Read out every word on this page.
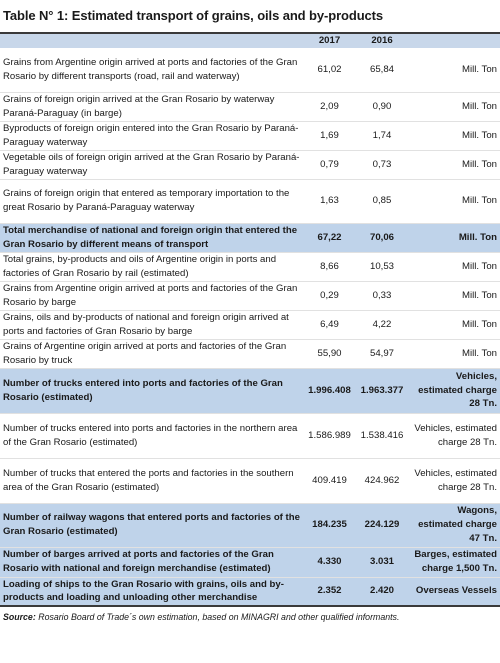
Table N° 1: Estimated transport of grains, oils and by-products
	2017	2016	
Grains from Argentine origin arrived at ports and factories of the Gran Rosario by different transports (road, rail and waterway)	61,02	65,84	Mill. Ton
Grains of foreign origin arrived at the Gran Rosario by waterway Paraná-Paraguay (in barge)	2,09	0,90	Mill. Ton
Byproducts of foreign origin entered into the Gran Rosario by Paraná-Paraguay waterway	1,69	1,74	Mill. Ton
Vegetable oils of foreign origin arrived at the Gran Rosario by Paraná-Paraguay waterway	0,79	0,73	Mill. Ton
Grains of foreign origin that entered as temporary importation to the great Rosario by Paraná-Paraguay waterway	1,63	0,85	Mill. Ton
Total merchandise of national and foreign origin that entered the Gran Rosario by different means of transport	67,22	70,06	Mill. Ton
Total grains, by-products and oils of Argentine origin in ports and factories of Gran Rosario by rail (estimated)	8,66	10,53	Mill. Ton
Grains from Argentine origin arrived at ports and factories of the Gran Rosario by barge	0,29	0,33	Mill. Ton
Grains, oils and by-products of national and foreign origin arrived at ports and factories of Gran Rosario by barge	6,49	4,22	Mill. Ton
Grains of Argentine origin arrived at ports and factories of the Gran Rosario by truck	55,90	54,97	Mill. Ton
Number of trucks entered into ports and factories of the Gran Rosario (estimated)	1.996.408	1.963.377	Vehicles, estimated charge 28 Tn.
Number of trucks entered into ports and factories in the northern area of the Gran Rosario (estimated)	1.586.989	1.538.416	Vehicles, estimated charge 28 Tn.
Number of trucks that entered the ports and factories in the southern area of the Gran Rosario (estimated)	409.419	424.962	Vehicles, estimated charge 28 Tn.
Number of railway wagons that entered ports and factories of the Gran Rosario (estimated)	184.235	224.129	Wagons, estimated charge 47 Tn.
Number of barges arrived at ports and factories of the Gran Rosario with national and foreign merchandise (estimated)	4.330	3.031	Barges, estimated charge 1,500 Tn.
Loading of ships to the Gran Rosario with grains, oils and by-products and loading and unloading other merchandise	2.352	2.420	Overseas Vessels
Source: Rosario Board of Trade´s own estimation, based on MINAGRI and other qualified informants.			
